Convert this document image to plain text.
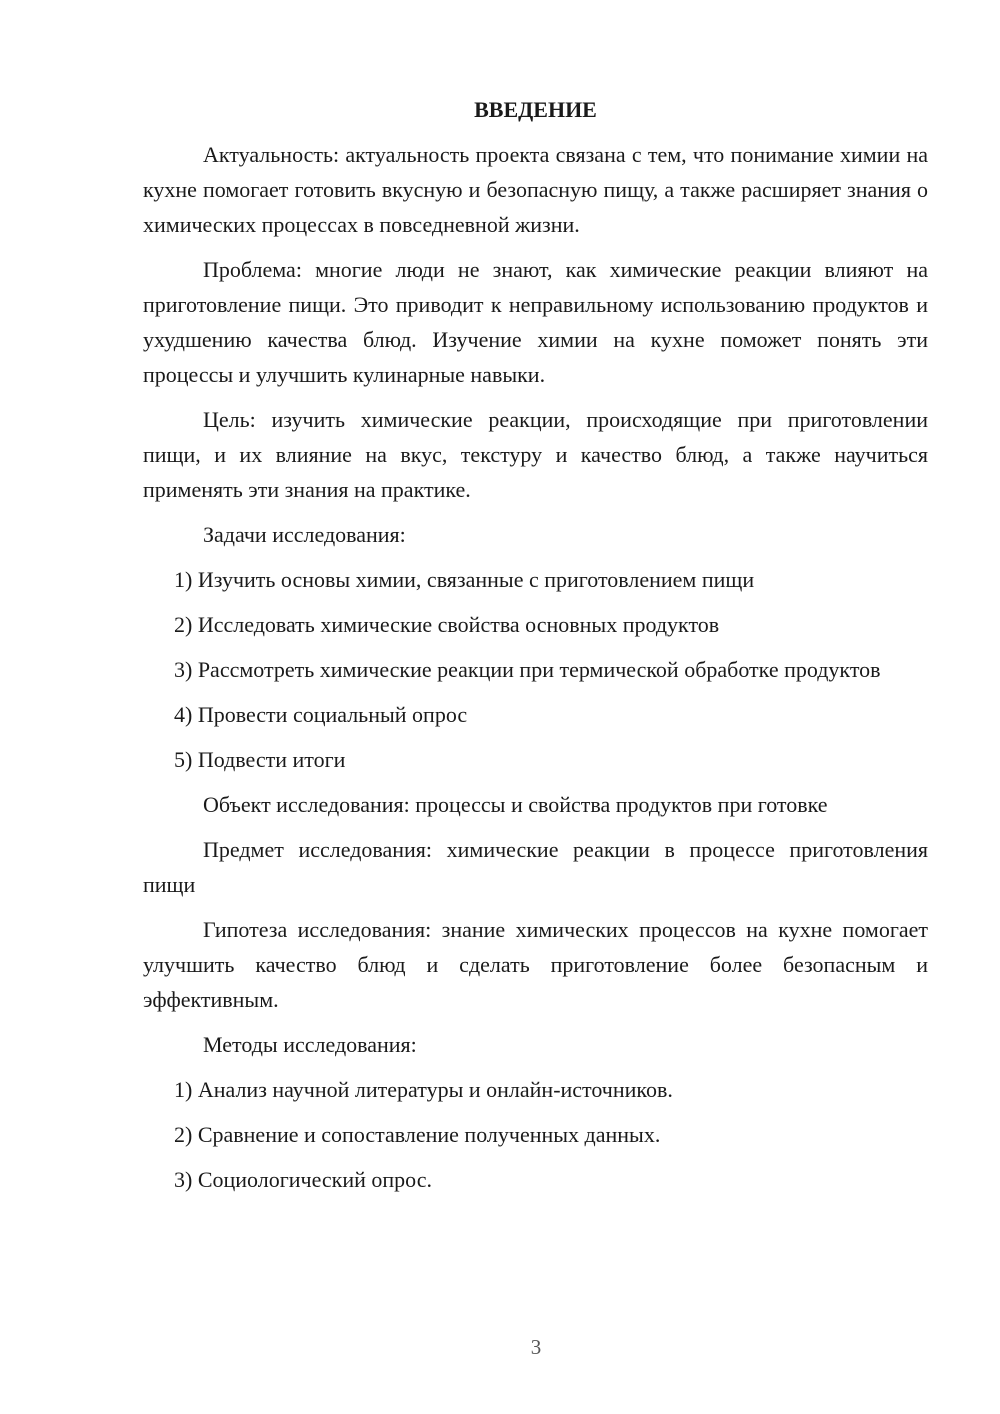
ВВЕДЕНИЕ

Актуальность: актуальность проекта связана с тем, что понимание химии на кухне помогает готовить вкусную и безопасную пищу, а также расширяет знания о химических процессах в повседневной жизни.

Проблема: многие люди не знают, как химические реакции влияют на приготовление пищи. Это приводит к неправильному использованию продуктов и ухудшению качества блюд. Изучение химии на кухне поможет понять эти процессы и улучшить кулинарные навыки.

Цель: изучить химические реакции, происходящие при приготовлении пищи, и их влияние на вкус, текстуру и качество блюд, а также научиться применять эти знания на практике.

Задачи исследования:

1) Изучить основы химии, связанные с приготовлением пищи

2) Исследовать химические свойства основных продуктов

3) Рассмотреть химические реакции при термической обработке продуктов

4) Провести социальный опрос

5) Подвести итоги

Объект исследования: процессы и свойства продуктов при готовке

Предмет исследования: химические реакции в процессе приготовления пищи

Гипотеза исследования: знание химических процессов на кухне помогает улучшить качество блюд и сделать приготовление более безопасным и эффективным.

Методы исследования:

1) Анализ научной литературы и онлайн-источников.

2) Сравнение и сопоставление полученных данных.

3) Социологический опрос.

3
